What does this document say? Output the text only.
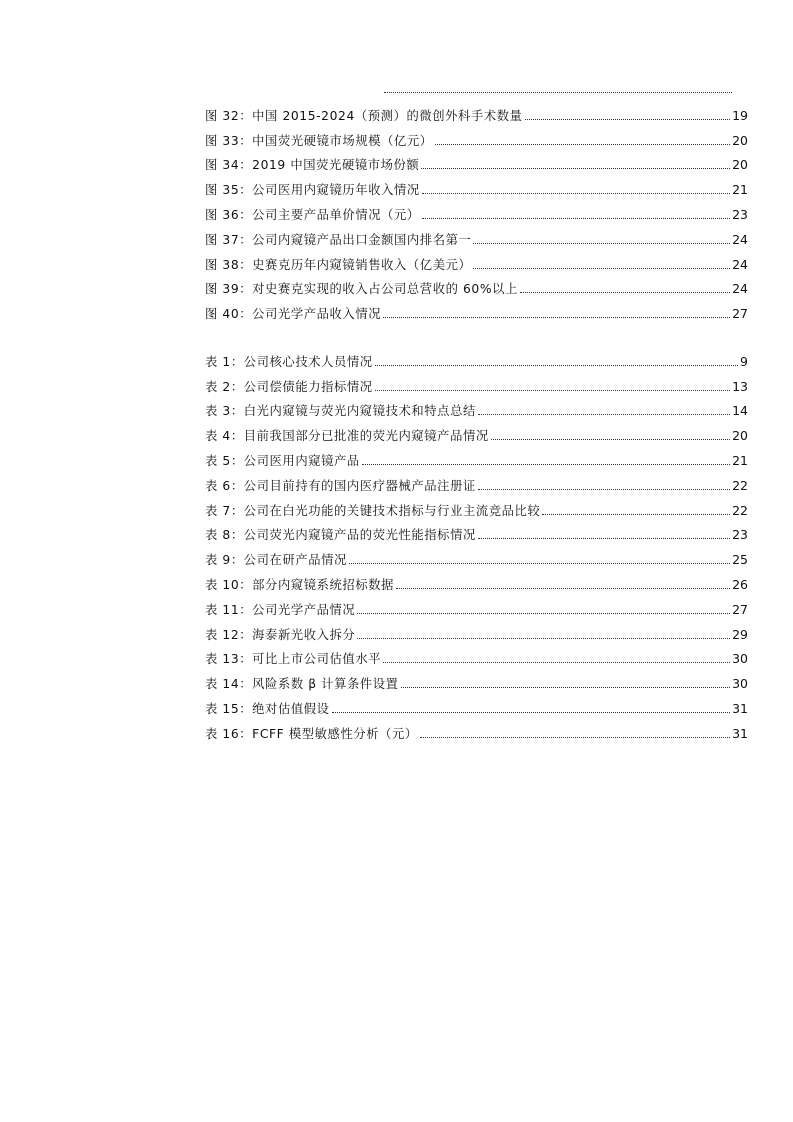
图 32：中国 2015-2024（预测）的微创外科手术数量	19
图 33：中国荧光硬镜市场规模（亿元）	20
图 34：2019 中国荧光硬镜市场份额	20
图 35：公司医用内窥镜历年收入情况	21
图 36：公司主要产品单价情况（元）	23
图 37：公司内窥镜产品出口金额国内排名第一	24
图 38：史赛克历年内窥镜销售收入（亿美元）	24
图 39：对史赛克实现的收入占公司总营收的 60%以上	24
图 40：公司光学产品收入情况	27
表 1：公司核心技术人员情况	9
表 2：公司偿债能力指标情况	13
表 3：白光内窥镜与荧光内窥镜技术和特点总结	14
表 4：目前我国部分已批准的荧光内窥镜产品情况	20
表 5：公司医用内窥镜产品	21
表 6：公司目前持有的国内医疗器械产品注册证	22
表 7：公司在白光功能的关键技术指标与行业主流竞品比较	22
表 8：公司荧光内窥镜产品的荧光性能指标情况	23
表 9：公司在研产品情况	25
表 10：部分内窥镜系统招标数据	26
表 11：公司光学产品情况	27
表 12：海泰新光收入拆分	29
表 13：可比上市公司估值水平	30
表 14：风险系数 β 计算条件设置	30
表 15：绝对估值假设	31
表 16：FCFF 模型敏感性分析（元）	31
